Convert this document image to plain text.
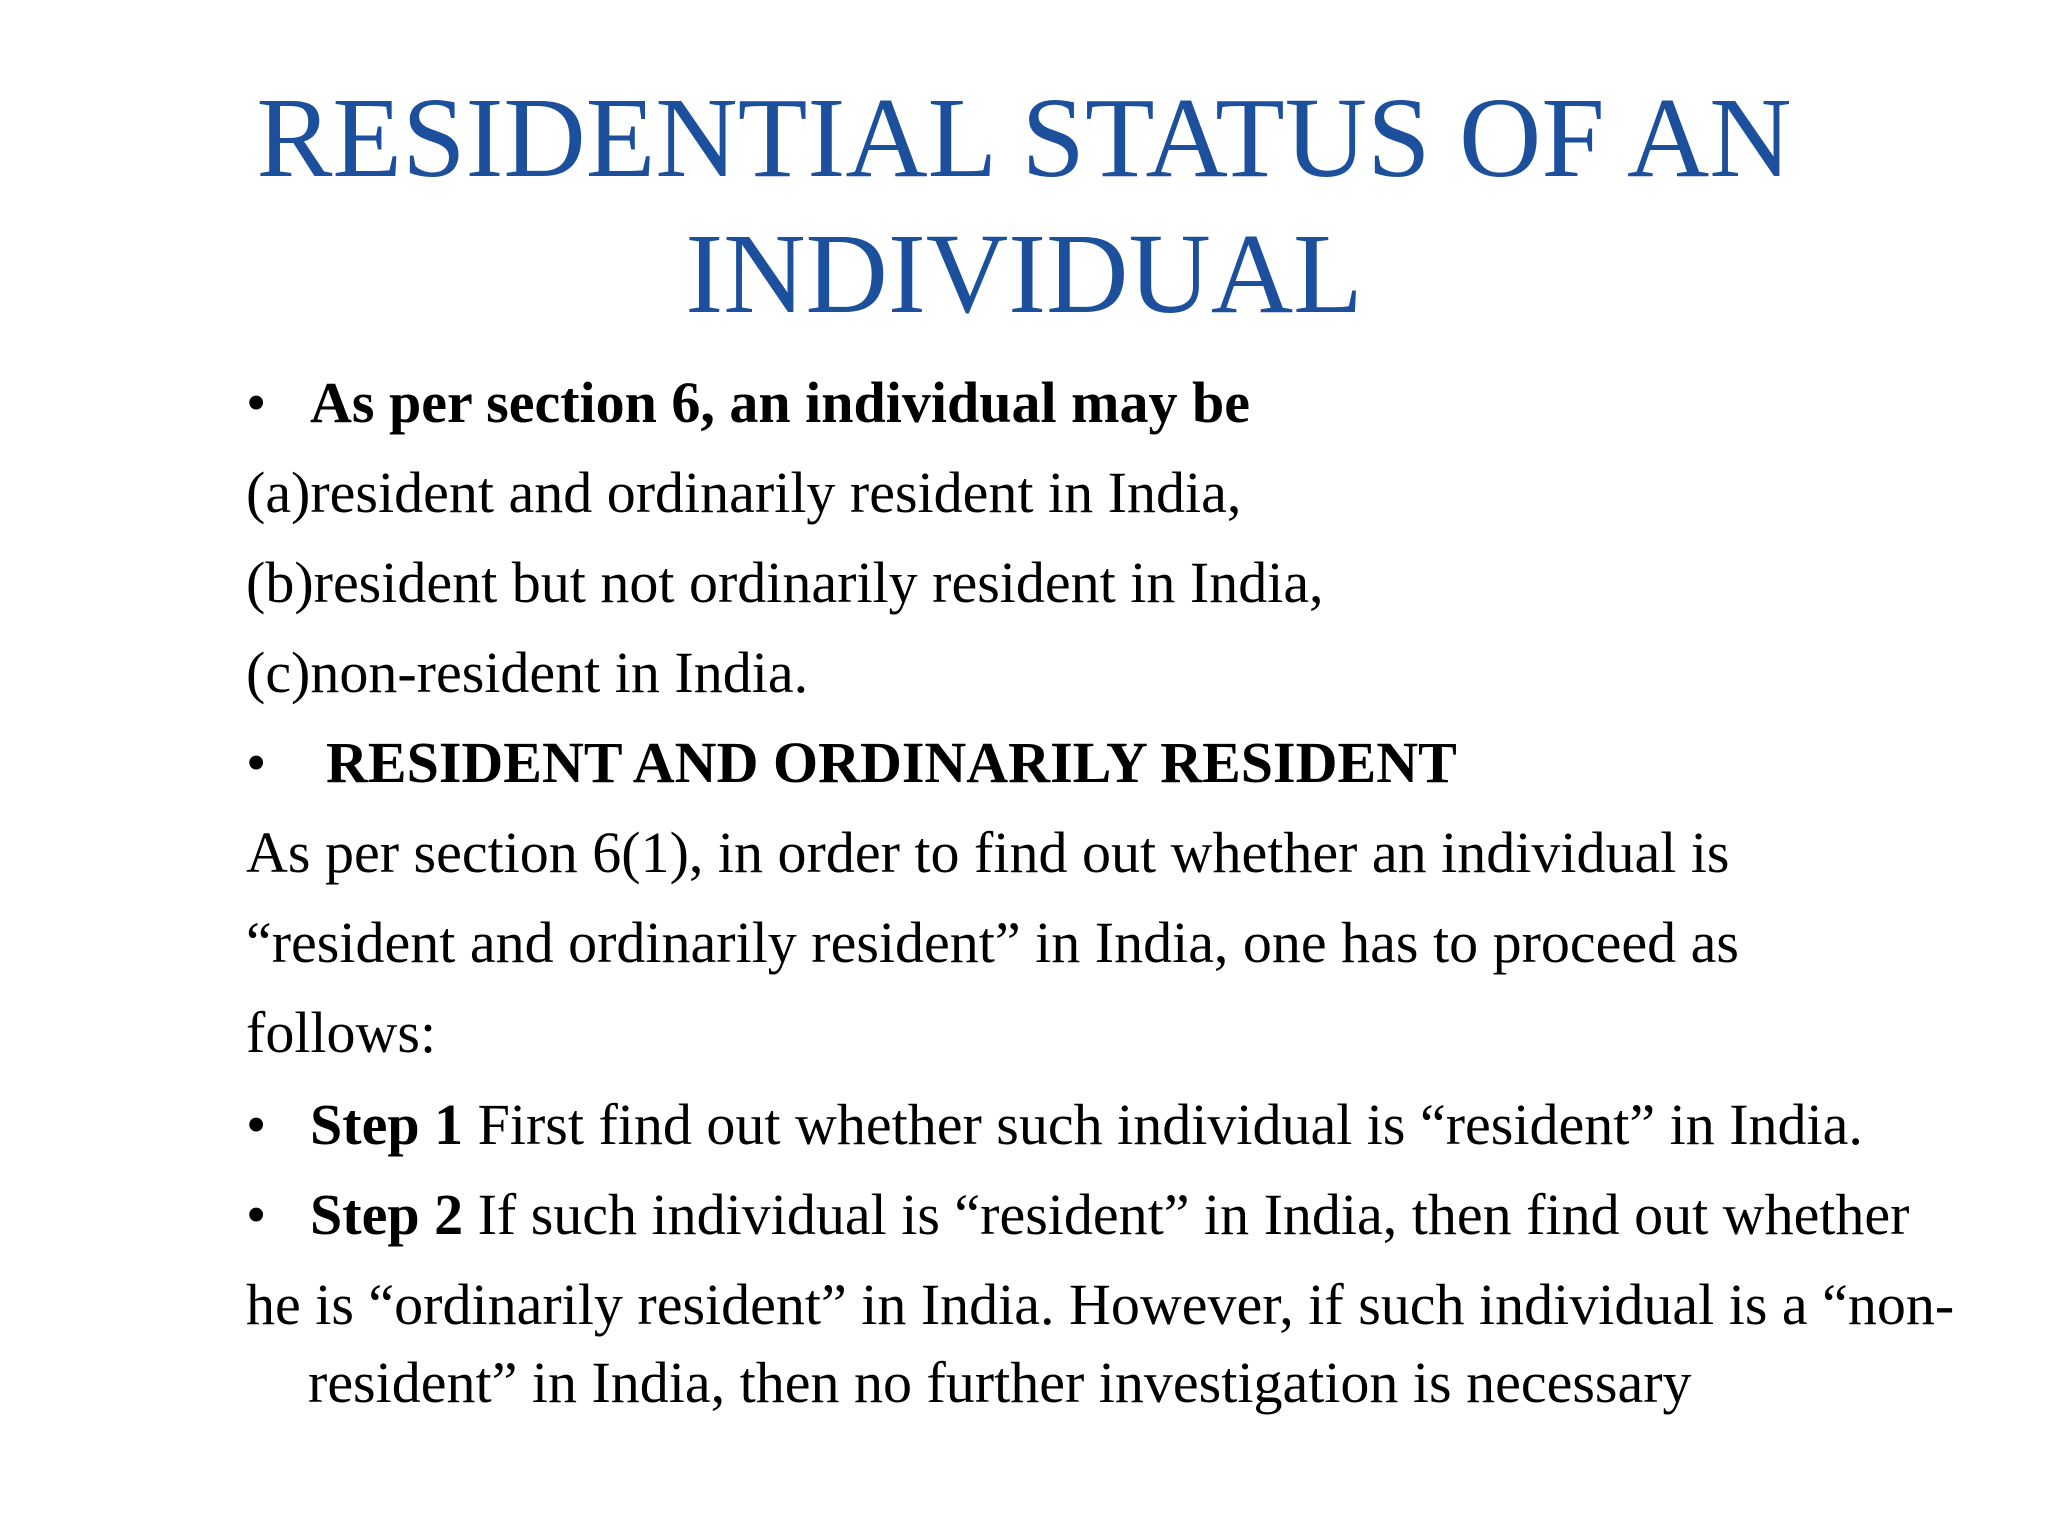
RESIDENTIAL STATUS OF AN
INDIVIDUAL
• As per section 6, an individual may be
(a)resident and ordinarily resident in India,
(b)resident but not ordinarily resident in India,
(c)non-resident in India.
• RESIDENT AND ORDINARILY RESIDENT
As per section 6(1), in order to find out whether an individual is
“resident and ordinarily resident” in India, one has to proceed as
follows:
• Step 1 First find out whether such individual is “resident” in India.
• Step 2 If such individual is “resident” in India, then find out whether
he is “ordinarily resident” in India. However, if such individual is a “non-
resident” in India, then no further investigation is necessary
